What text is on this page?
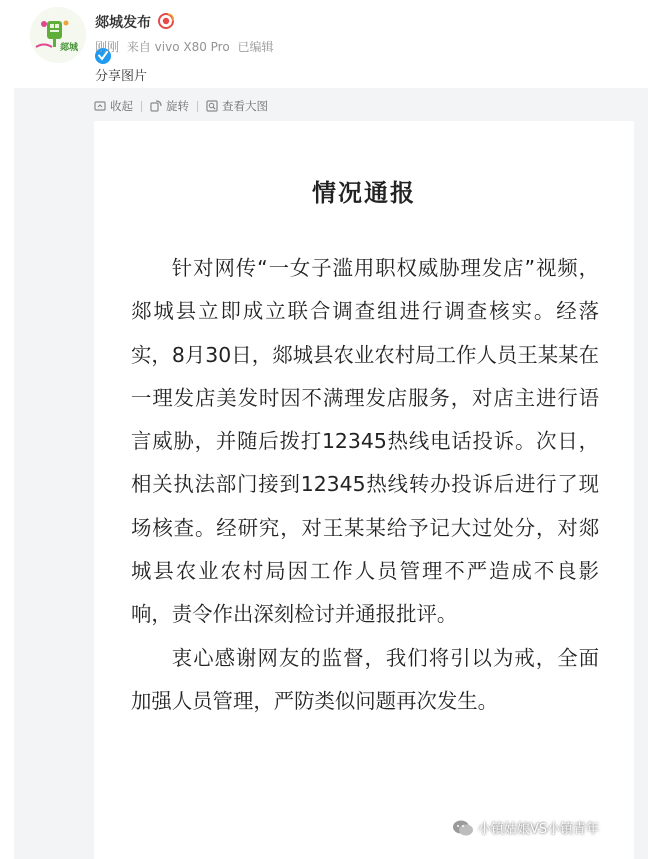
郯城
郯城发布
刚刚 来自 vivo X80 Pro 已编辑
分享图片
收起	旋转	查看大图
情况通报

针对网传“一女子滥用职权威胁理发店”视频，郯城县立即成立联合调查组进行调查核实。经落实，8月30日，郯城县农业农村局工作人员王某某在一理发店美发时因不满理发店服务，对店主进行语言威胁，并随后拨打12345热线电话投诉。次日，相关执法部门接到12345热线转办投诉后进行了现场核查。经研究，对王某某给予记大过处分，对郯城县农业农村局因工作人员管理不严造成不良影响，责令作出深刻检讨并通报批评。

衷心感谢网友的监督，我们将引以为戒，全面加强人员管理，严防类似问题再次发生。

小镇姑娘VS小镇青年
